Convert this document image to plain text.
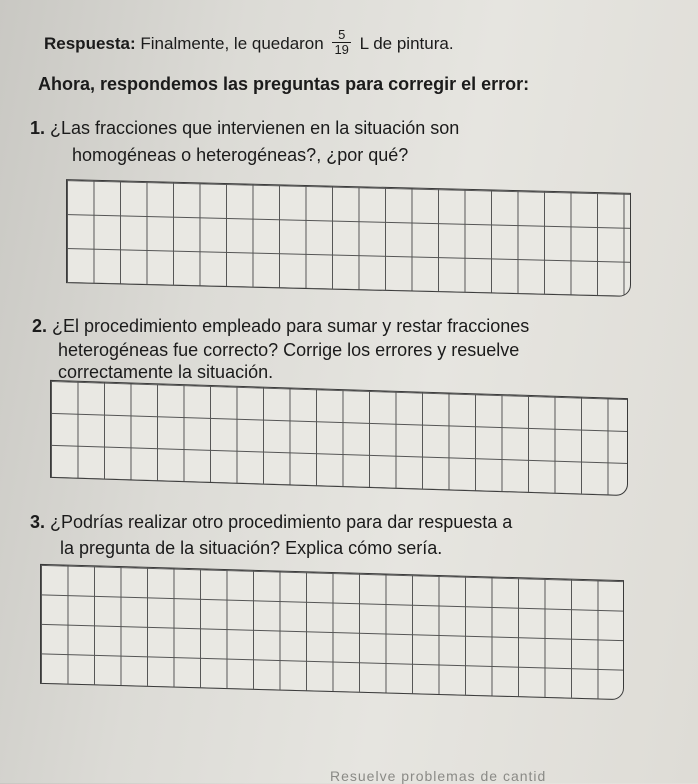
Respuesta: Finalmente, le quedaron $\frac{5}{19}$ L de pintura.
Ahora, respondemos las preguntas para corregir el error:
1. ¿Las fracciones que intervienen en la situación son
homogéneas o heterogéneas?, ¿por qué?
2. ¿El procedimiento empleado para sumar y restar fracciones
heterogéneas fue correcto? Corrige los errores y resuelve
correctamente la situación.
3. ¿Podrías realizar otro procedimiento para dar respuesta a
la pregunta de la situación? Explica cómo sería.
Resuelve problemas de cantid
